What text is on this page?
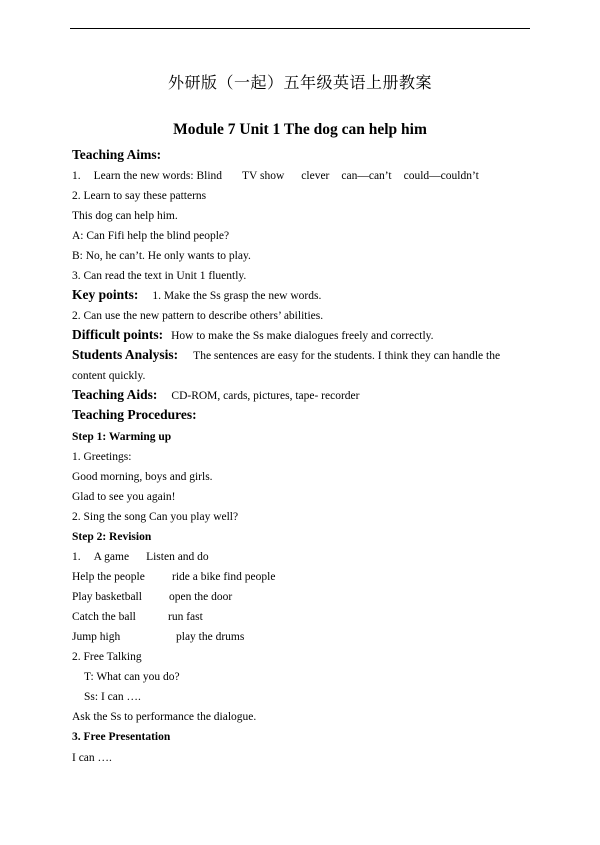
外研版（一起）五年级英语上册教案
Module 7 Unit 1 The dog can help him
Teaching Aims:
1. Learn the new words: Blind TV show clever can—can’t could—couldn’t
2. Learn to say these patterns
This dog can help him.
A: Can Fifi help the blind people?
B: No, he can’t. He only wants to play.
3. Can read the text in Unit 1 fluently.
Key points: 1. Make the Ss grasp the new words.
2. Can use the new pattern to describe others’ abilities.
Difficult points: How to make the Ss make dialogues freely and correctly.
Students Analysis: The sentences are easy for the students. I think they can handle the
content quickly.
Teaching Aids: CD-ROM, cards, pictures, tape- recorder
Teaching Procedures:
Step 1: Warming up
1. Greetings:
Good morning, boys and girls.
Glad to see you again!
2. Sing the song Can you play well?
Step 2: Revision
1. A game Listen and do
Help the people ride a bike find people
Play basketball open the door
Catch the ball	run fast
Jump high	play the drums
2. Free Talking
T: What can you do?
Ss: I can ….
Ask the Ss to performance the dialogue.
3. Free Presentation
I can ….
